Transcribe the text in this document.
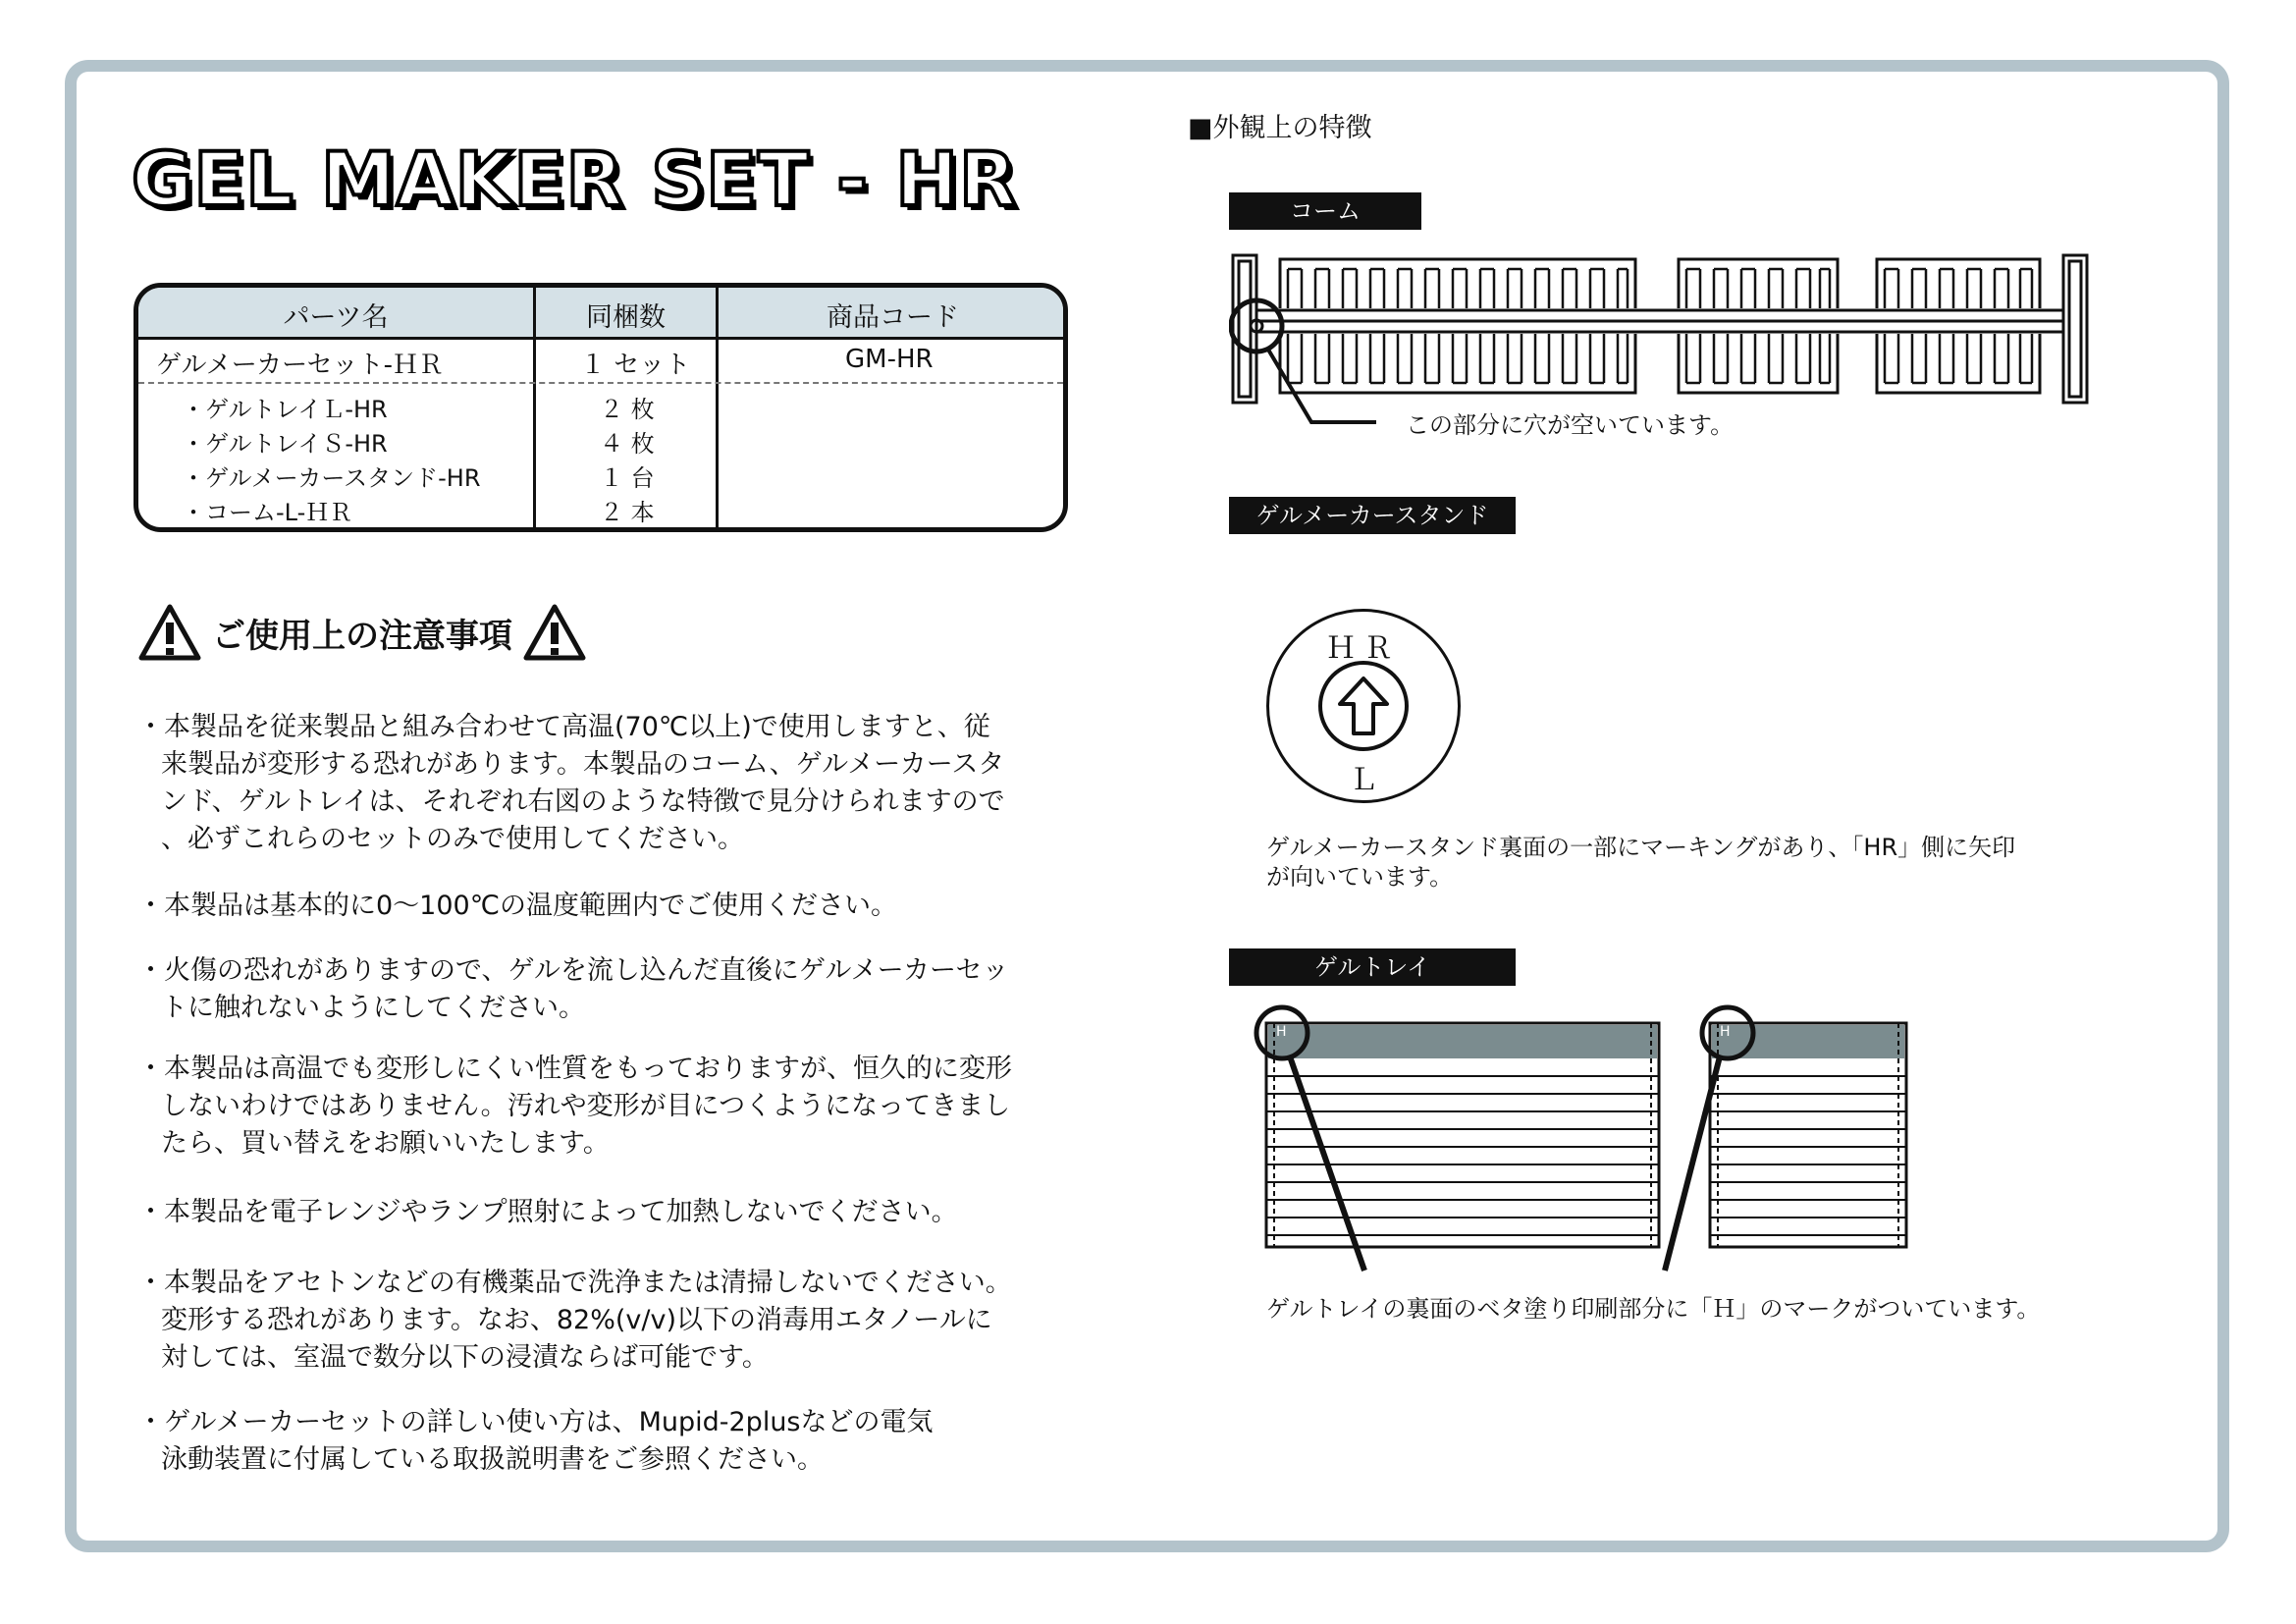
GEL MAKER SET - HR
パーツ名	同梱数	商品コード
ゲルメーカーセット-ＨＲ	１ セット	GM-HR
・ゲルトレイＬ-HR	２ 枚
・ゲルトレイＳ-HR	４ 枚
・ゲルメーカースタンド-HR	１ 台
・コーム-L-ＨＲ	２ 本
ご使用上の注意事項

・本製品を従来製品と組み合わせて高温(70℃以上)で使用しますと、従

来製品が変形する恐れがあります。本製品のコーム、ゲルメーカースタ

ンド、ゲルトレイは、それぞれ右図のような特徴で見分けられますので

、必ずこれらのセットのみで使用してください。

・本製品は基本的に0～100℃の温度範囲内でご使用ください。

・火傷の恐れがありますので、ゲルを流し込んだ直後にゲルメーカーセッ

トに触れないようにしてください。

・本製品は高温でも変形しにくい性質をもっておりますが、恒久的に変形

しないわけではありません。汚れや変形が目につくようになってきまし

たら、買い替えをお願いいたします。

・本製品を電子レンジやランプ照射によって加熱しないでください。

・本製品をアセトンなどの有機薬品で洗浄または清掃しないでください。

変形する恐れがあります。なお、82%(v/v)以下の消毒用エタノールに

対しては、室温で数分以下の浸漬ならば可能です。

・ゲルメーカーセットの詳しい使い方は、Mupid-2plusなどの電気

泳動装置に付属している取扱説明書をご参照ください。

■外観上の特徴
コーム
この部分に穴が空いています。
ゲルメーカースタンド
ＨＲ
Ｌ
ゲルメーカースタンド裏面の一部にマーキングがあり、「HR」側に矢印
が向いています。
ゲルトレイ
H	H
ゲルトレイの裏面のベタ塗り印刷部分に「Ｈ」のマークがついています。
